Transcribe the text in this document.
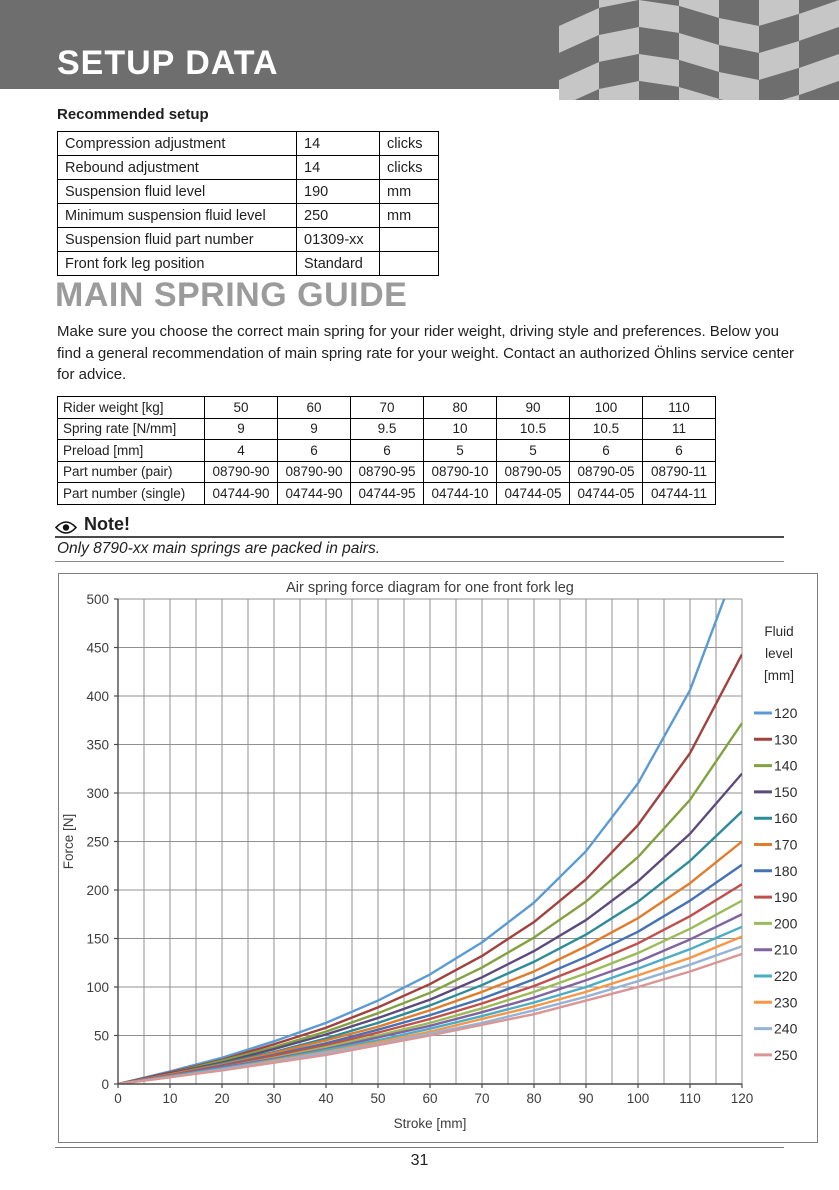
SETUP DATA
Recommended setup
Compression adjustment	14	clicks
Rebound adjustment	14	clicks
Suspension fluid level	190	mm
Minimum suspension fluid level	250	mm
Suspension fluid part number	01309-xx	
Front fork leg position	Standard	
MAIN SPRING GUIDE
Make sure you choose the correct main spring for your rider weight, driving style and preferences. Below you find a general recommendation of main spring rate for your weight. Contact an authorized Öhlins service center for advice.
Rider weight [kg]	50	60	70	80	90	100	110
Spring rate [N/mm]	9	9	9.5	10	10.5	10.5	11
Preload [mm]	4	6	6	5	5	6	6
Part number (pair)	08790-90	08790-90	08790-95	08790-10	08790-05	08790-05	08790-11
Part number (single)	04744-90	04744-90	04744-95	04744-10	04744-05	04744-05	04744-11
Note!
Only 8790-xx main springs are packed in pairs.
0	10	20	30	40	50	60	70	80	90 100 110 120
0
50
100
150
200
250
300
350
400
450
500
Stroke [mm]
Force [N]
Fluid
level
[mm]
120
130
140
150
160
170
180
190
200
210
220
230
240
250
Air spring force diagram for one front fork leg
31
